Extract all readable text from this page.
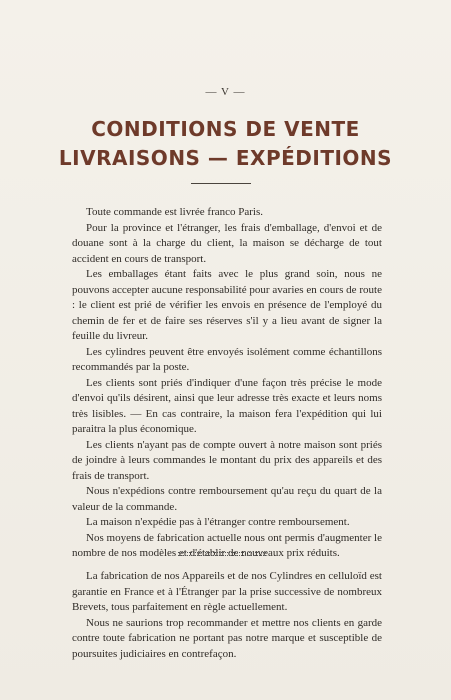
— V —
CONDITIONS DE VENTE
LIVRAISONS — EXPÉDITIONS

Toute commande est livrée franco Paris.

Pour la province et l'étranger, les frais d'emballage, d'envoi et de douane sont à la charge du client, la maison se décharge de tout accident en cours de transport.

Les emballages étant faits avec le plus grand soin, nous ne pouvons accepter aucune responsabilité pour avaries en cours de route : le client est prié de vérifier les envois en présence de l'employé du chemin de fer et de faire ses réserves s'il y a lieu avant de signer la feuille du livreur.

Les cylindres peuvent être envoyés isolément comme échantillons recommandés par la poste.

Les clients sont priés d'indiquer d'une façon très précise le mode d'envoi qu'ils désirent, ainsi que leur adresse très exacte et leurs noms très lisibles. — En cas contraire, la maison fera l'expédition qui lui paraitra la plus économique.

Les clients n'ayant pas de compte ouvert à notre maison sont priés de joindre à leurs commandes le montant du prix des appareils et des frais de transport.

Nous n'expédions contre remboursement qu'au reçu du quart de la valeur de la commande.

La maison n'expédie pas à l'étranger contre remboursement.

Nos moyens de fabrication actuelle nous ont permis d'augmenter le nombre de nos modèles et d'établir de nouveaux prix réduits.

La fabrication de nos Appareils et de nos Cylindres en celluloïd est garantie en France et à l'Étranger par la prise successive de nombreux Brevets, tous parfaitement en règle actuellement.

Nous ne saurions trop recommander et mettre nos clients en garde contre toute fabrication ne portant pas notre marque et susceptible de poursuites judiciaires en contrefaçon.
